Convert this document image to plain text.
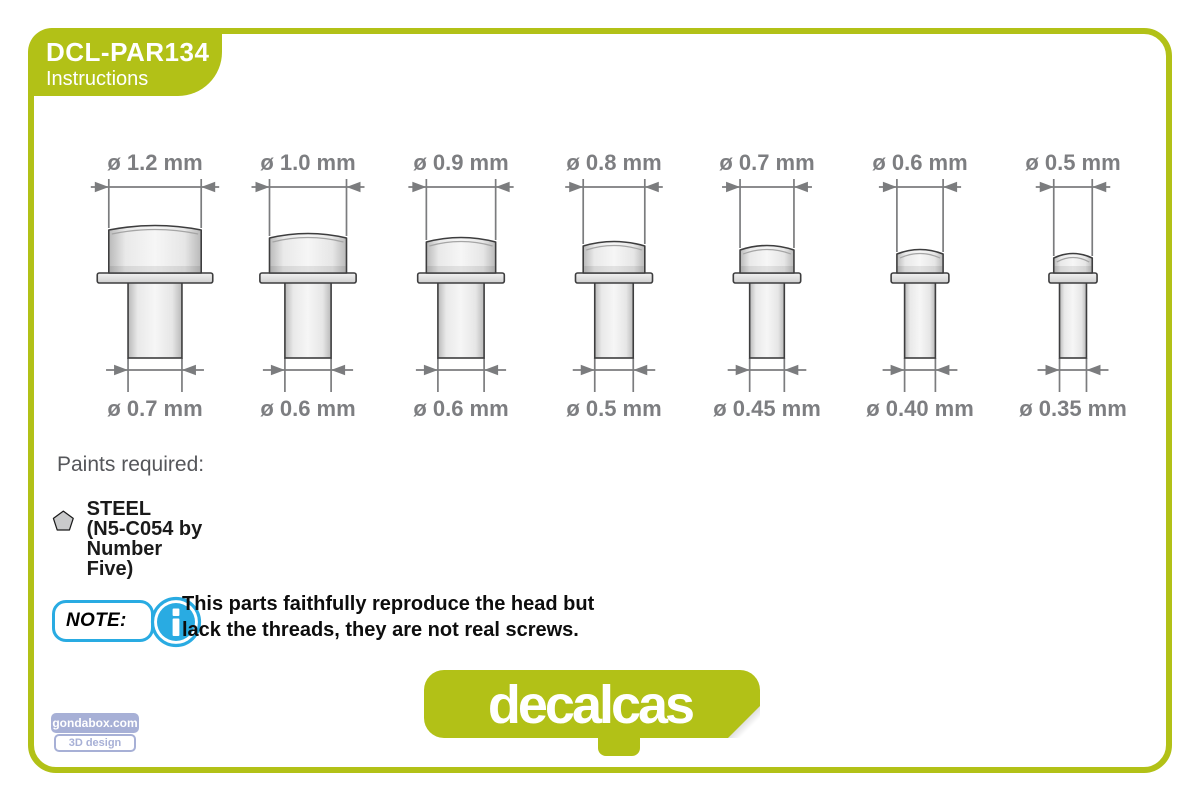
DCL-PAR134
Instructions
ø 1.2 mm
ø 0.7 mm
ø 1.0 mm
ø 0.6 mm
ø 0.9 mm
ø 0.6 mm
ø 0.8 mm
ø 0.5 mm
ø 0.7 mm
ø 0.45 mm
ø 0.6 mm
ø 0.40 mm
ø 0.5 mm
ø 0.35 mm
Paints required:
STEEL
(N5-C054 by Number Five)
NOTE:
This parts faithfully reproduce the head but
lack the threads, they are not real screws.
decalcas
gondabox.com
3D design
